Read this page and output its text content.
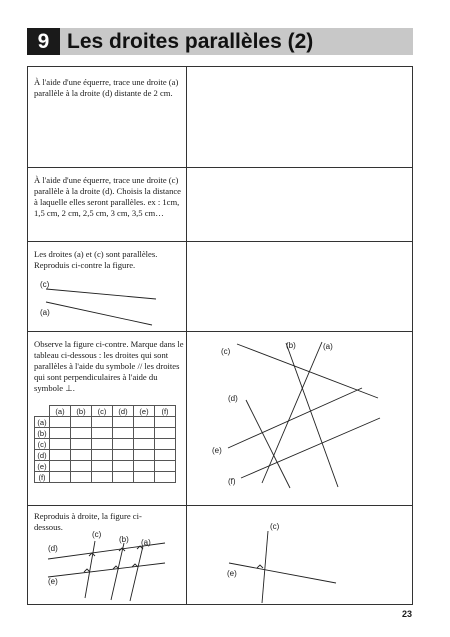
9 Les droites parallèles (2)
À l'aide d'une équerre, trace une droite (a) parallèle à la droite (d) distante de 2 cm.
À l'aide d'une équerre, trace une droite (c) parallèle à la droite (d). Choisis la distance à laquelle elles seront parallèles. ex : 1cm, 1,5 cm, 2 cm, 2,5 cm, 3 cm, 3,5 cm…
Les droites (a) et (c) sont parallèles. Reproduis ci-contre la figure.
Observe la figure ci-contre. Marque dans le tableau ci-dessous : les droites qui sont parallèles à l'aide du symbole // les droites qui sont perpendiculaires à l'aide du symbole ⊥.
Reproduis à droite, la figure ci-dessous.
	(a)	(b)	(c)	(d)	(e)	(f)
(a)						
(b)						
(c)						
(d)						
(e)						
(f)						
(c)
(a)
(c)
(b)	(a)
(d)
(e)
(f)
(c)
(b) (a)
(d)
(e)
(c)
(e)
23
